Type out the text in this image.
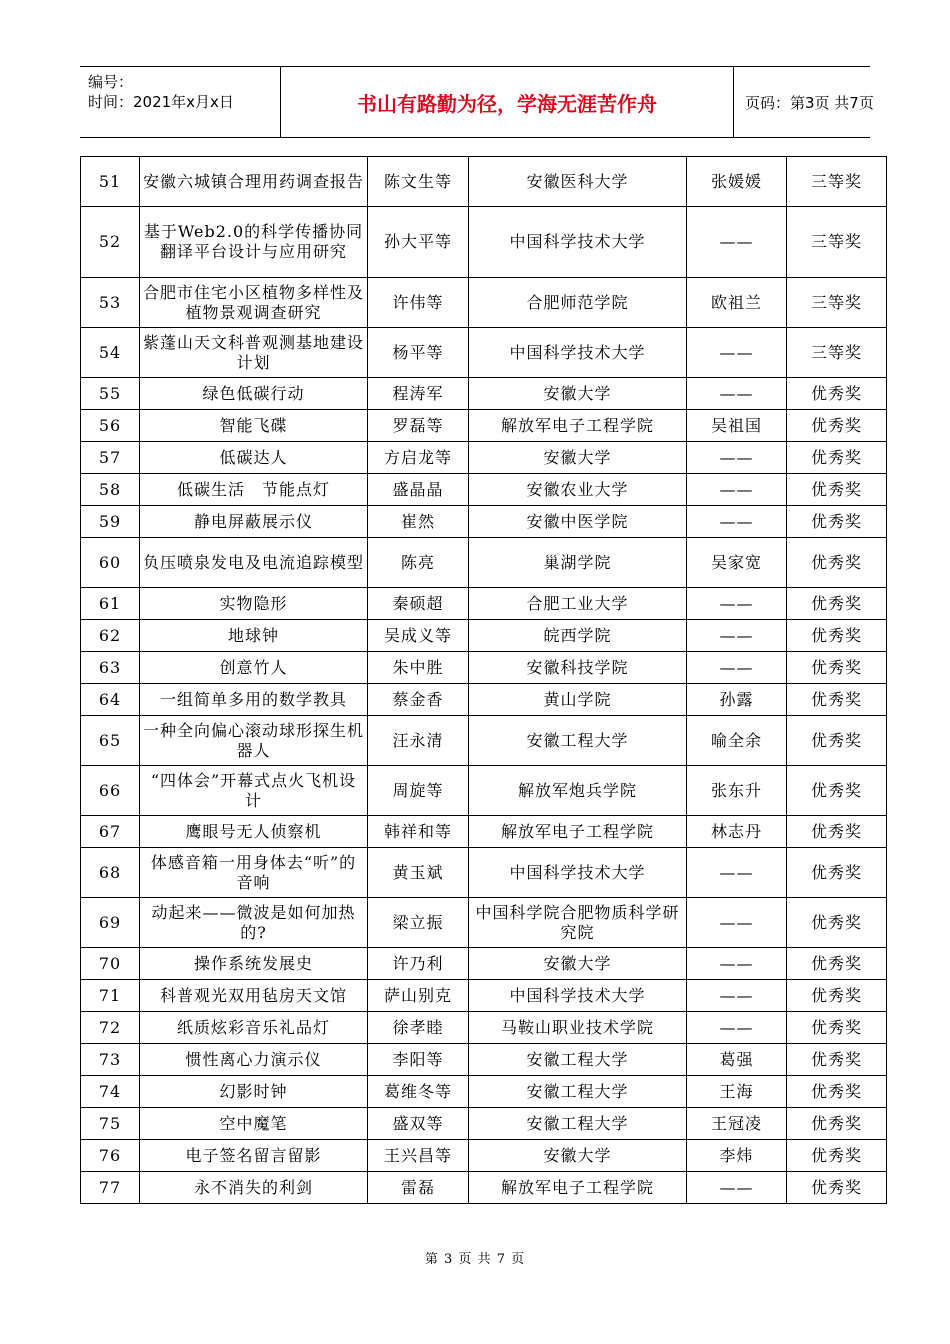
编号：
时间：2021年x月x日	书山有路勤为径，学海无涯苦作舟	页码：第3页 共7页
51	安徽六城镇合理用药调查报告	陈文生等	安徽医科大学	张媛媛	三等奖
52	基于Web2.0的科学传播协同翻译平台设计与应用研究	孙大平等	中国科学技术大学	——	三等奖
53	合肥市住宅小区植物多样性及植物景观调查研究	许伟等	合肥师范学院	欧祖兰	三等奖
54	紫蓬山天文科普观测基地建设计划	杨平等	中国科学技术大学	——	三等奖
55	绿色低碳行动	程涛军	安徽大学	——	优秀奖
56	智能飞碟	罗磊等	解放军电子工程学院	吴祖国	优秀奖
57	低碳达人	方启龙等	安徽大学	——	优秀奖
58	低碳生活　节能点灯	盛晶晶	安徽农业大学	——	优秀奖
59	静电屏蔽展示仪	崔然	安徽中医学院	——	优秀奖
60	负压喷泉发电及电流追踪模型	陈亮	巢湖学院	吴家宽	优秀奖
61	实物隐形	秦硕超	合肥工业大学	——	优秀奖
62	地球钟	吴成义等	皖西学院	——	优秀奖
63	创意竹人	朱中胜	安徽科技学院	——	优秀奖
64	一组简单多用的数学教具	蔡金香	黄山学院	孙露	优秀奖
65	一种全向偏心滚动球形探生机器人	汪永清	安徽工程大学	喻全余	优秀奖
66	“四体会”开幕式点火飞机设计	周旋等	解放军炮兵学院	张东升	优秀奖
67	鹰眼号无人侦察机	韩祥和等	解放军电子工程学院	林志丹	优秀奖
68	体感音箱一用身体去“听”的音响	黄玉斌	中国科学技术大学	——	优秀奖
69	动起来——微波是如何加热的?	梁立振	中国科学院合肥物质科学研究院	——	优秀奖
70	操作系统发展史	许乃利	安徽大学	——	优秀奖
71	科普观光双用毡房天文馆	萨山别克	中国科学技术大学	——	优秀奖
72	纸质炫彩音乐礼品灯	徐孝睦	马鞍山职业技术学院	——	优秀奖
73	惯性离心力演示仪	李阳等	安徽工程大学	葛强	优秀奖
74	幻影时钟	葛维冬等	安徽工程大学	王海	优秀奖
75	空中魔笔	盛双等	安徽工程大学	王冠凌	优秀奖
76	电子签名留言留影	王兴昌等	安徽大学	李炜	优秀奖
77	永不消失的利剑	雷磊	解放军电子工程学院	——	优秀奖
第 3 页 共 7 页
